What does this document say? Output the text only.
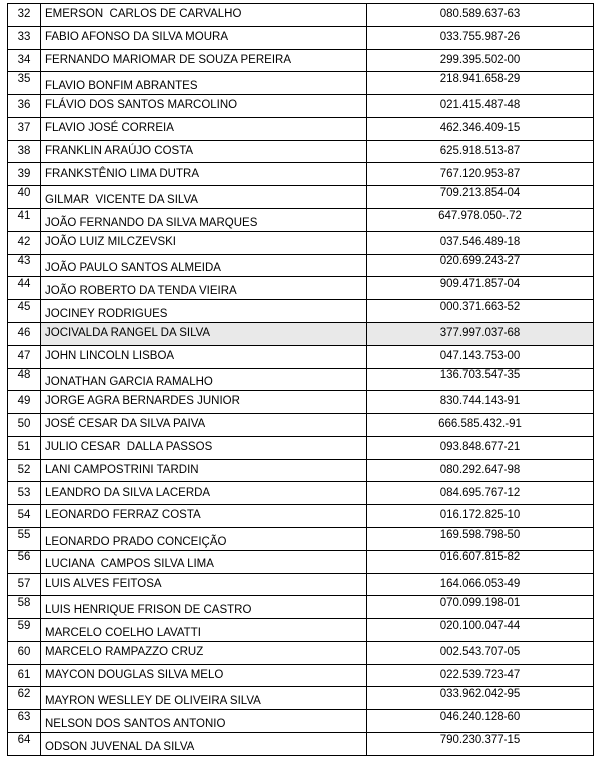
32	EMERSON  CARLOS DE CARVALHO	080.589.637-63
33	FABIO AFONSO DA SILVA MOURA	033.755.987-26
34	FERNANDO MARIOMAR DE SOUZA PEREIRA	299.395.502-00
35	FLAVIO BONFIM ABRANTES	218.941.658-29
36	FLÁVIO DOS SANTOS MARCOLINO	021.415.487-48
37	FLAVIO JOSÉ CORREIA	462.346.409-15
38	FRANKLIN ARAÚJO COSTA	625.918.513-87
39	FRANKSTÊNIO LIMA DUTRA	767.120.953-87
40	GILMAR  VICENTE DA SILVA	709.213.854-04
41	JOÃO FERNANDO DA SILVA MARQUES	647.978.050-.72
42	JOÃO LUIZ MILCZEVSKI	037.546.489-18
43	JOÃO PAULO SANTOS ALMEIDA	020.699.243-27
44	JOÃO ROBERTO DA TENDA VIEIRA	909.471.857-04
45	JOCINEY RODRIGUES	000.371.663-52
46	JOCIVALDA RANGEL DA SILVA	377.997.037-68
47	JOHN LINCOLN LISBOA	047.143.753-00
48	JONATHAN GARCIA RAMALHO	136.703.547-35
49	JORGE AGRA BERNARDES JUNIOR	830.744.143-91
50	JOSÉ CESAR DA SILVA PAIVA	666.585.432.-91
51	JULIO CESAR  DALLA PASSOS	093.848.677-21
52	LANI CAMPOSTRINI TARDIN	080.292.647-98
53	LEANDRO DA SILVA LACERDA	084.695.767-12
54	LEONARDO FERRAZ COSTA	016.172.825-10
55	LEONARDO PRADO CONCEIÇÃO	169.598.798-50
56	LUCIANA  CAMPOS SILVA LIMA	016.607.815-82
57	LUIS ALVES FEITOSA	164.066.053-49
58	LUIS HENRIQUE FRISON DE CASTRO	070.099.198-01
59	MARCELO COELHO LAVATTI	020.100.047-44
60	MARCELO RAMPAZZO CRUZ	002.543.707-05
61	MAYCON DOUGLAS SILVA MELO	022.539.723-47
62	MAYRON WESLLEY DE OLIVEIRA SILVA	033.962.042-95
63	NELSON DOS SANTOS ANTONIO	046.240.128-60
64	ODSON JUVENAL DA SILVA	790.230.377-15
